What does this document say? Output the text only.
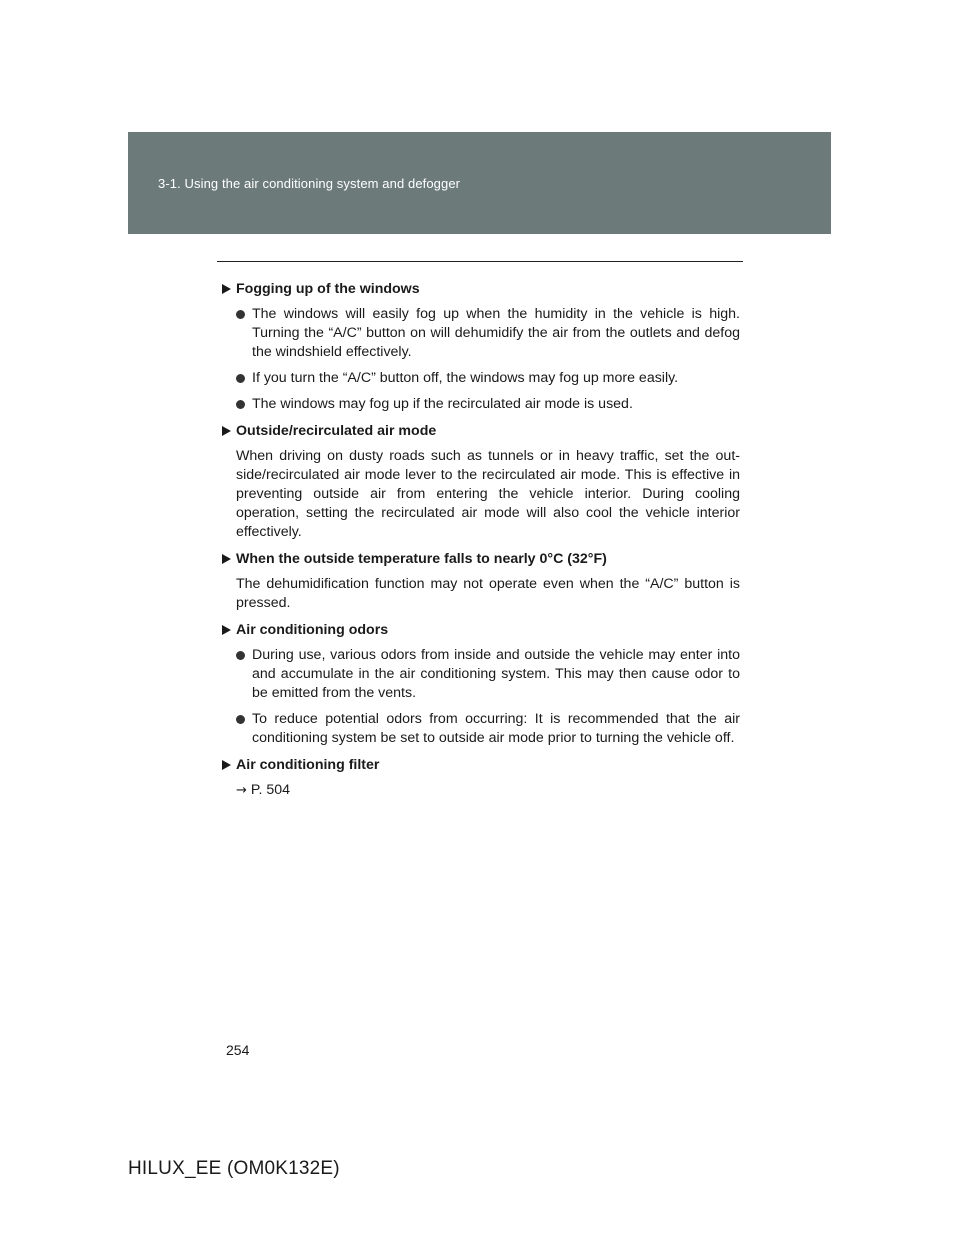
3-1. Using the air conditioning system and defogger
Fogging up of the windows
The windows will easily fog up when the humidity in the vehicle is high. Turning the “A/C” button on will dehumidify the air from the outlets and defog the windshield effectively.
If you turn the “A/C” button off, the windows may fog up more easily.
The windows may fog up if the recirculated air mode is used.
Outside/recirculated air mode
When driving on dusty roads such as tunnels or in heavy traffic, set the outside/recirculated air mode lever to the recirculated air mode. This is effective in preventing outside air from entering the vehicle interior. During cooling operation, setting the recirculated air mode will also cool the vehicle interior effectively.
When the outside temperature falls to nearly 0°C (32°F)
The dehumidification function may not operate even when the “A/C” button is pressed.
Air conditioning odors
During use, various odors from inside and outside the vehicle may enter into and accumulate in the air conditioning system. This may then cause odor to be emitted from the vents.
To reduce potential odors from occurring: It is recommended that the air conditioning system be set to outside air mode prior to turning the vehicle off.
Air conditioning filter
→ P. 504
254
HILUX_EE (OM0K132E)
